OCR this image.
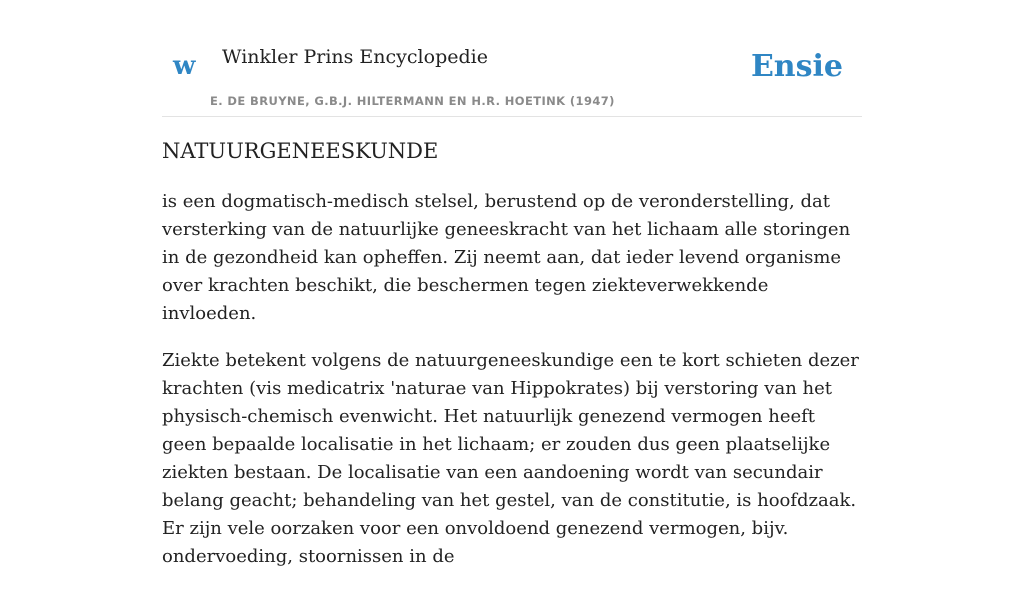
w Winkler Prins Encyclopedie
E. DE BRUYNE, G.B.J. HILTERMANN EN H.R. HOETINK (1947)
Ensie
NATUURGENEESKUNDE

is een dogmatisch-medisch stelsel, berustend op de veronderstelling, dat versterking van de natuurlijke geneeskracht van het lichaam alle storingen in de gezondheid kan opheffen. Zij neemt aan, dat ieder levend organisme over krachten beschikt, die beschermen tegen ziekteverwekkende invloeden.

Ziekte betekent volgens de natuurgeneeskundige een te kort schieten dezer krachten (vis medicatrix 'naturae van Hippokrates) bij verstoring van het physisch-chemisch evenwicht. Het natuurlijk genezend vermogen heeft geen bepaalde localisatie in het lichaam; er zouden dus geen plaatselijke ziekten bestaan. De localisatie van een aandoening wordt van secundair belang geacht; behandeling van het gestel, van de constitutie, is hoofdzaak. Er zijn vele oorzaken voor een onvoldoend genezend vermogen, bijv. ondervoeding, stoornissen in de
